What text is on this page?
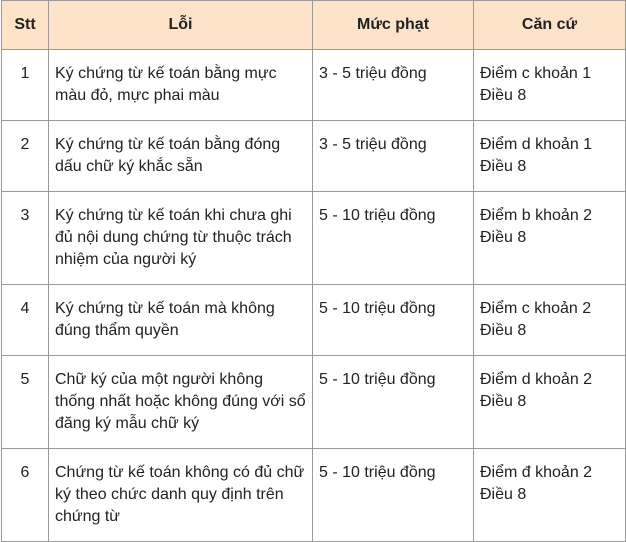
Stt	Lỗi	Mức phạt	Căn cứ
1	Ký chứng từ kế toán bằng mực màu đỏ, mực phai màu	3 - 5 triệu đồng	Điểm c khoản 1 Điều 8
2	Ký chứng từ kế toán bằng đóng dấu chữ ký khắc sẵn	3 - 5 triệu đồng	Điểm d khoản 1 Điều 8
3	Ký chứng từ kế toán khi chưa ghi đủ nội dung chứng từ thuộc trách nhiệm của người ký	5 - 10 triệu đồng	Điểm b khoản 2 Điều 8
4	Ký chứng từ kế toán mà không đúng thẩm quyền	5 - 10 triệu đồng	Điểm c khoản 2 Điều 8
5	Chữ ký của một người không thống nhất hoặc không đúng với sổ đăng ký mẫu chữ ký	5 - 10 triệu đồng	Điểm d khoản 2 Điều 8
6	Chứng từ kế toán không có đủ chữ ký theo chức danh quy định trên chứng từ	5 - 10 triệu đồng	Điểm đ khoản 2 Điều 8
